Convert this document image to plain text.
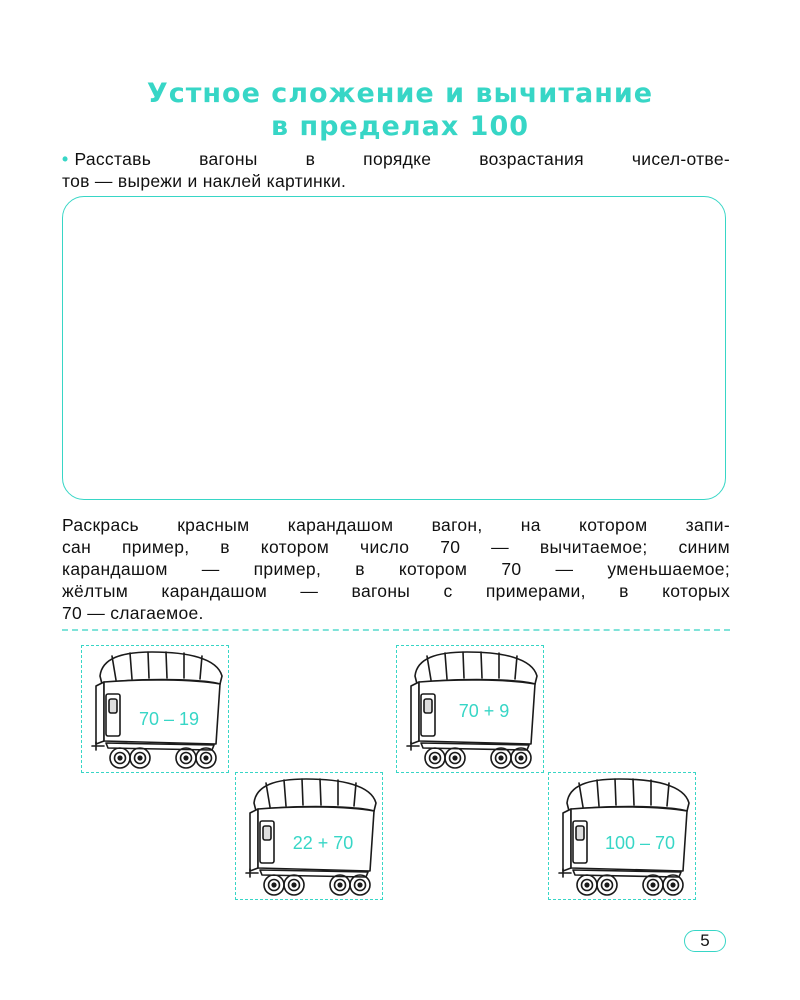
Устное сложение и вычитание
в пределах 100
• Расставь вагоны в порядке возрастания чисел-отве-
тов — вырежи и наклей картинки.
Раскрась красным карандашом вагон, на котором запи-
сан пример, в котором число 70 — вычитаемое; синим
карандашом — пример, в котором 70 — уменьшаемое;
жёлтым карандашом — вагоны с примерами, в которых
70 — слагаемое.
70 – 19
22 + 70
70 + 9
100 – 70
5
